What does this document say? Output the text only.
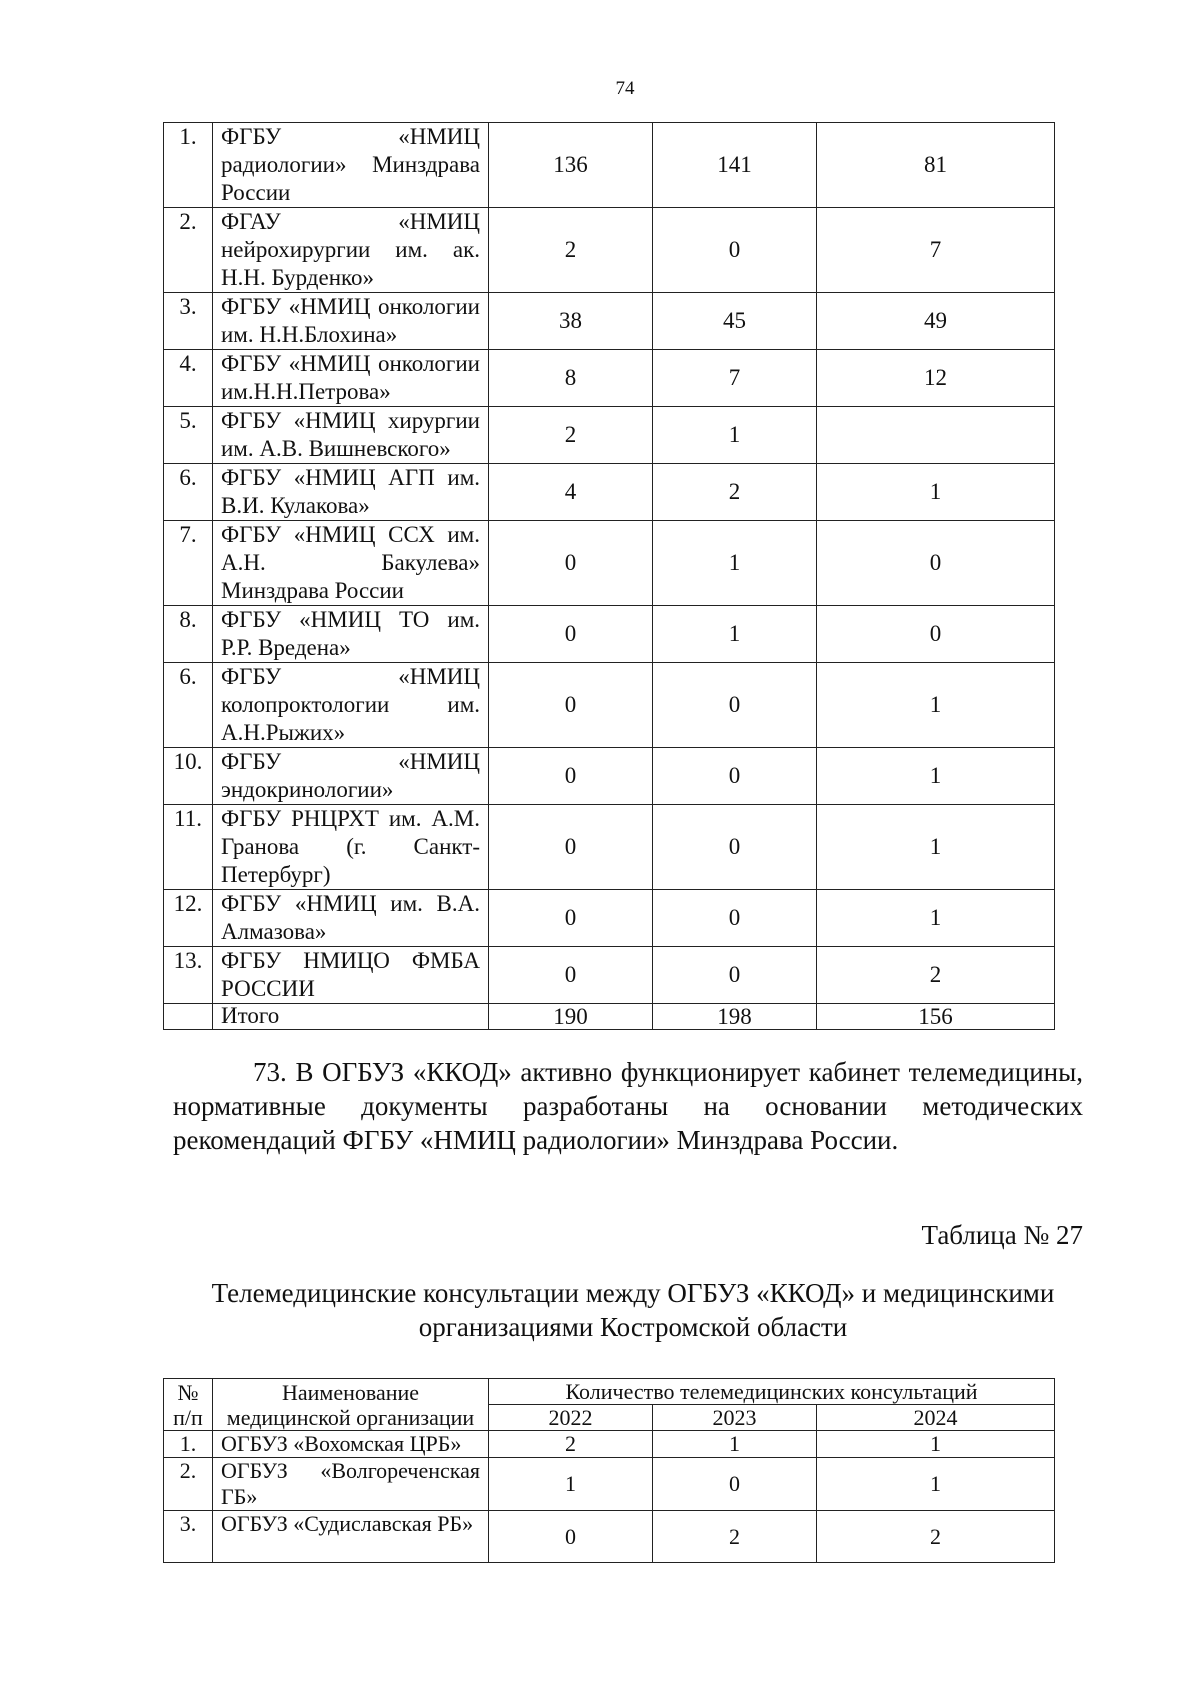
74
1.	ФГБУ «НМИЦ радиологии» Минздрава России	136	141	81
2.	ФГАУ «НМИЦ нейрохирургии им. ак. Н.Н. Бурденко»	2	0	7
3.	ФГБУ «НМИЦ онкологии им. Н.Н.Блохина»	38	45	49
4.	ФГБУ «НМИЦ онкологии им.Н.Н.Петрова»	8	7	12
5.	ФГБУ «НМИЦ хирургии им. А.В. Вишневского»	2	1	
6.	ФГБУ «НМИЦ АГП им. В.И. Кулакова»	4	2	1
7.	ФГБУ «НМИЦ ССХ им. А.Н. Бакулева» Минздрава России	0	1	0
8.	ФГБУ «НМИЦ ТО им. Р.Р. Вредена»	0	1	0
6.	ФГБУ «НМИЦ колопроктологии им. А.Н.Рыжих»	0	0	1
10.	ФГБУ «НМИЦ эндокринологии»	0	0	1
11.	ФГБУ РНЦРХТ им. А.М. Гранова (г. Санкт-Петербург)	0	0	1
12.	ФГБУ «НМИЦ им. В.А. Алмазова»	0	0	1
13.	ФГБУ НМИЦО ФМБА РОССИИ	0	0	2
	Итого	190	198	156

73. В ОГБУЗ «ККОД» активно функционирует кабинет телемедицины, нормативные документы разработаны на основании методических рекомендаций ФГБУ «НМИЦ радиологии» Минздрава России.

Таблица № 27

Телемедицинские консультации между ОГБУЗ «ККОД» и медицинскими организациями Костромской области

№ п/п	Наименование медицинской организации	Количество телемедицинских консультаций		
		2022	2023	2024
1.	ОГБУЗ «Вохомская ЦРБ»	2	1	1
2.	ОГБУЗ «Волгореченская ГБ»	1	0	1
3.	ОГБУЗ «Судиславская РБ»	0	2	2
